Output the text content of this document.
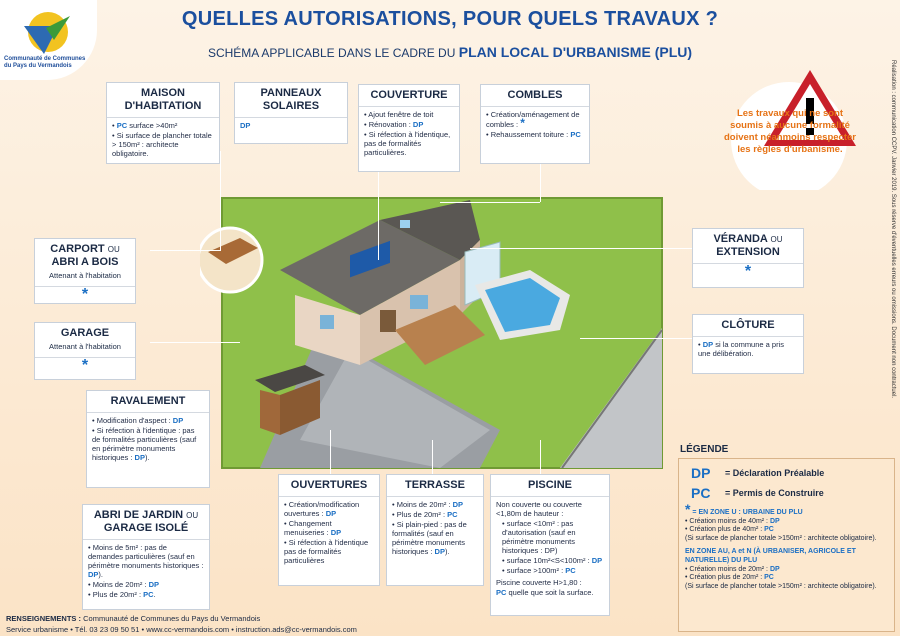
Communauté de Communes
du Pays du Vermandois
QUELLES AUTORISATIONS, POUR QUELS TRAVAUX ?
SCHÉMA APPLICABLE DANS LE CADRE DU PLAN LOCAL D'URBANISME (PLU)
Les travaux qui ne sont soumis à aucune formalité doivent néanmoins respecter les règles d'urbanisme.	Réalisation : communication CCPV. Janvier 2019. Sous réserve d'éventuelles erreurs ou omissions. Document non contractuel.
MAISON D'HABITATION
• PC surface >40m²
• Si surface de plancher totale > 150m² : architecte obligatoire.
PANNEAUX SOLAIRES
DP
COUVERTURE
• Ajout fenêtre de toit
• Rénovation : DP
• Si réfection à l'identique, pas de formalités particulières.
COMBLES
• Création/aménagement de combles : *
• Rehaussement toiture : PC
CARPORT OU
ABRI A BOIS
Attenant à l'habitation
*
GARAGE
Attenant à l'habitation
*
VÉRANDA OU
EXTENSION
*
CLÔTURE
• DP si la commune a pris une délibération.
RAVALEMENT
• Modification d'aspect : DP
• Si réfection à l'identique : pas de formalités particulières (sauf en périmètre monuments historiques : DP).
ABRI DE JARDIN OU
GARAGE ISOLÉ
• Moins de 5m² : pas de demandes particulières (sauf en périmètre monuments historiques : DP).
• Moins de 20m² : DP
• Plus de 20m² : PC.
OUVERTURES
• Création/modification ouvertures : DP
• Changement menuiseries : DP
• Si réfection à l'identique pas de formalités particulières
TERRASSE
• Moins de 20m² : DP
• Plus de 20m² : PC
• Si plain-pied : pas de formalités (sauf en périmètre monuments historiques : DP).
PISCINE
Non couverte ou couverte <1,80m de hauteur :
• surface <10m² : pas d'autorisation (sauf en périmètre monuments historiques : DP)
• surface 10m²<S<100m² : DP
• surface >100m² : PC
Piscine couverte H>1,80 :
PC quelle que soit la surface.
LÉGENDE
DP = Déclaration Préalable
PC = Permis de Construire
* = EN ZONE U : URBAINE DU PLU
• Création moins de 40m² : DP
• Création plus de 40m² : PC
(Si surface de plancher totale >150m² : architecte obligatoire).
EN ZONE AU, A et N (À URBANISER, AGRICOLE ET NATURELLE) DU PLU
• Création moins de 20m² : DP
• Création plus de 20m² : PC
(Si surface de plancher totale >150m² : architecte obligatoire).
RENSEIGNEMENTS : Communauté de Communes du Pays du Vermandois
Service urbanisme • Tél. 03 23 09 50 51 • www.cc-vermandois.com • instruction.ads@cc-vermandois.com
